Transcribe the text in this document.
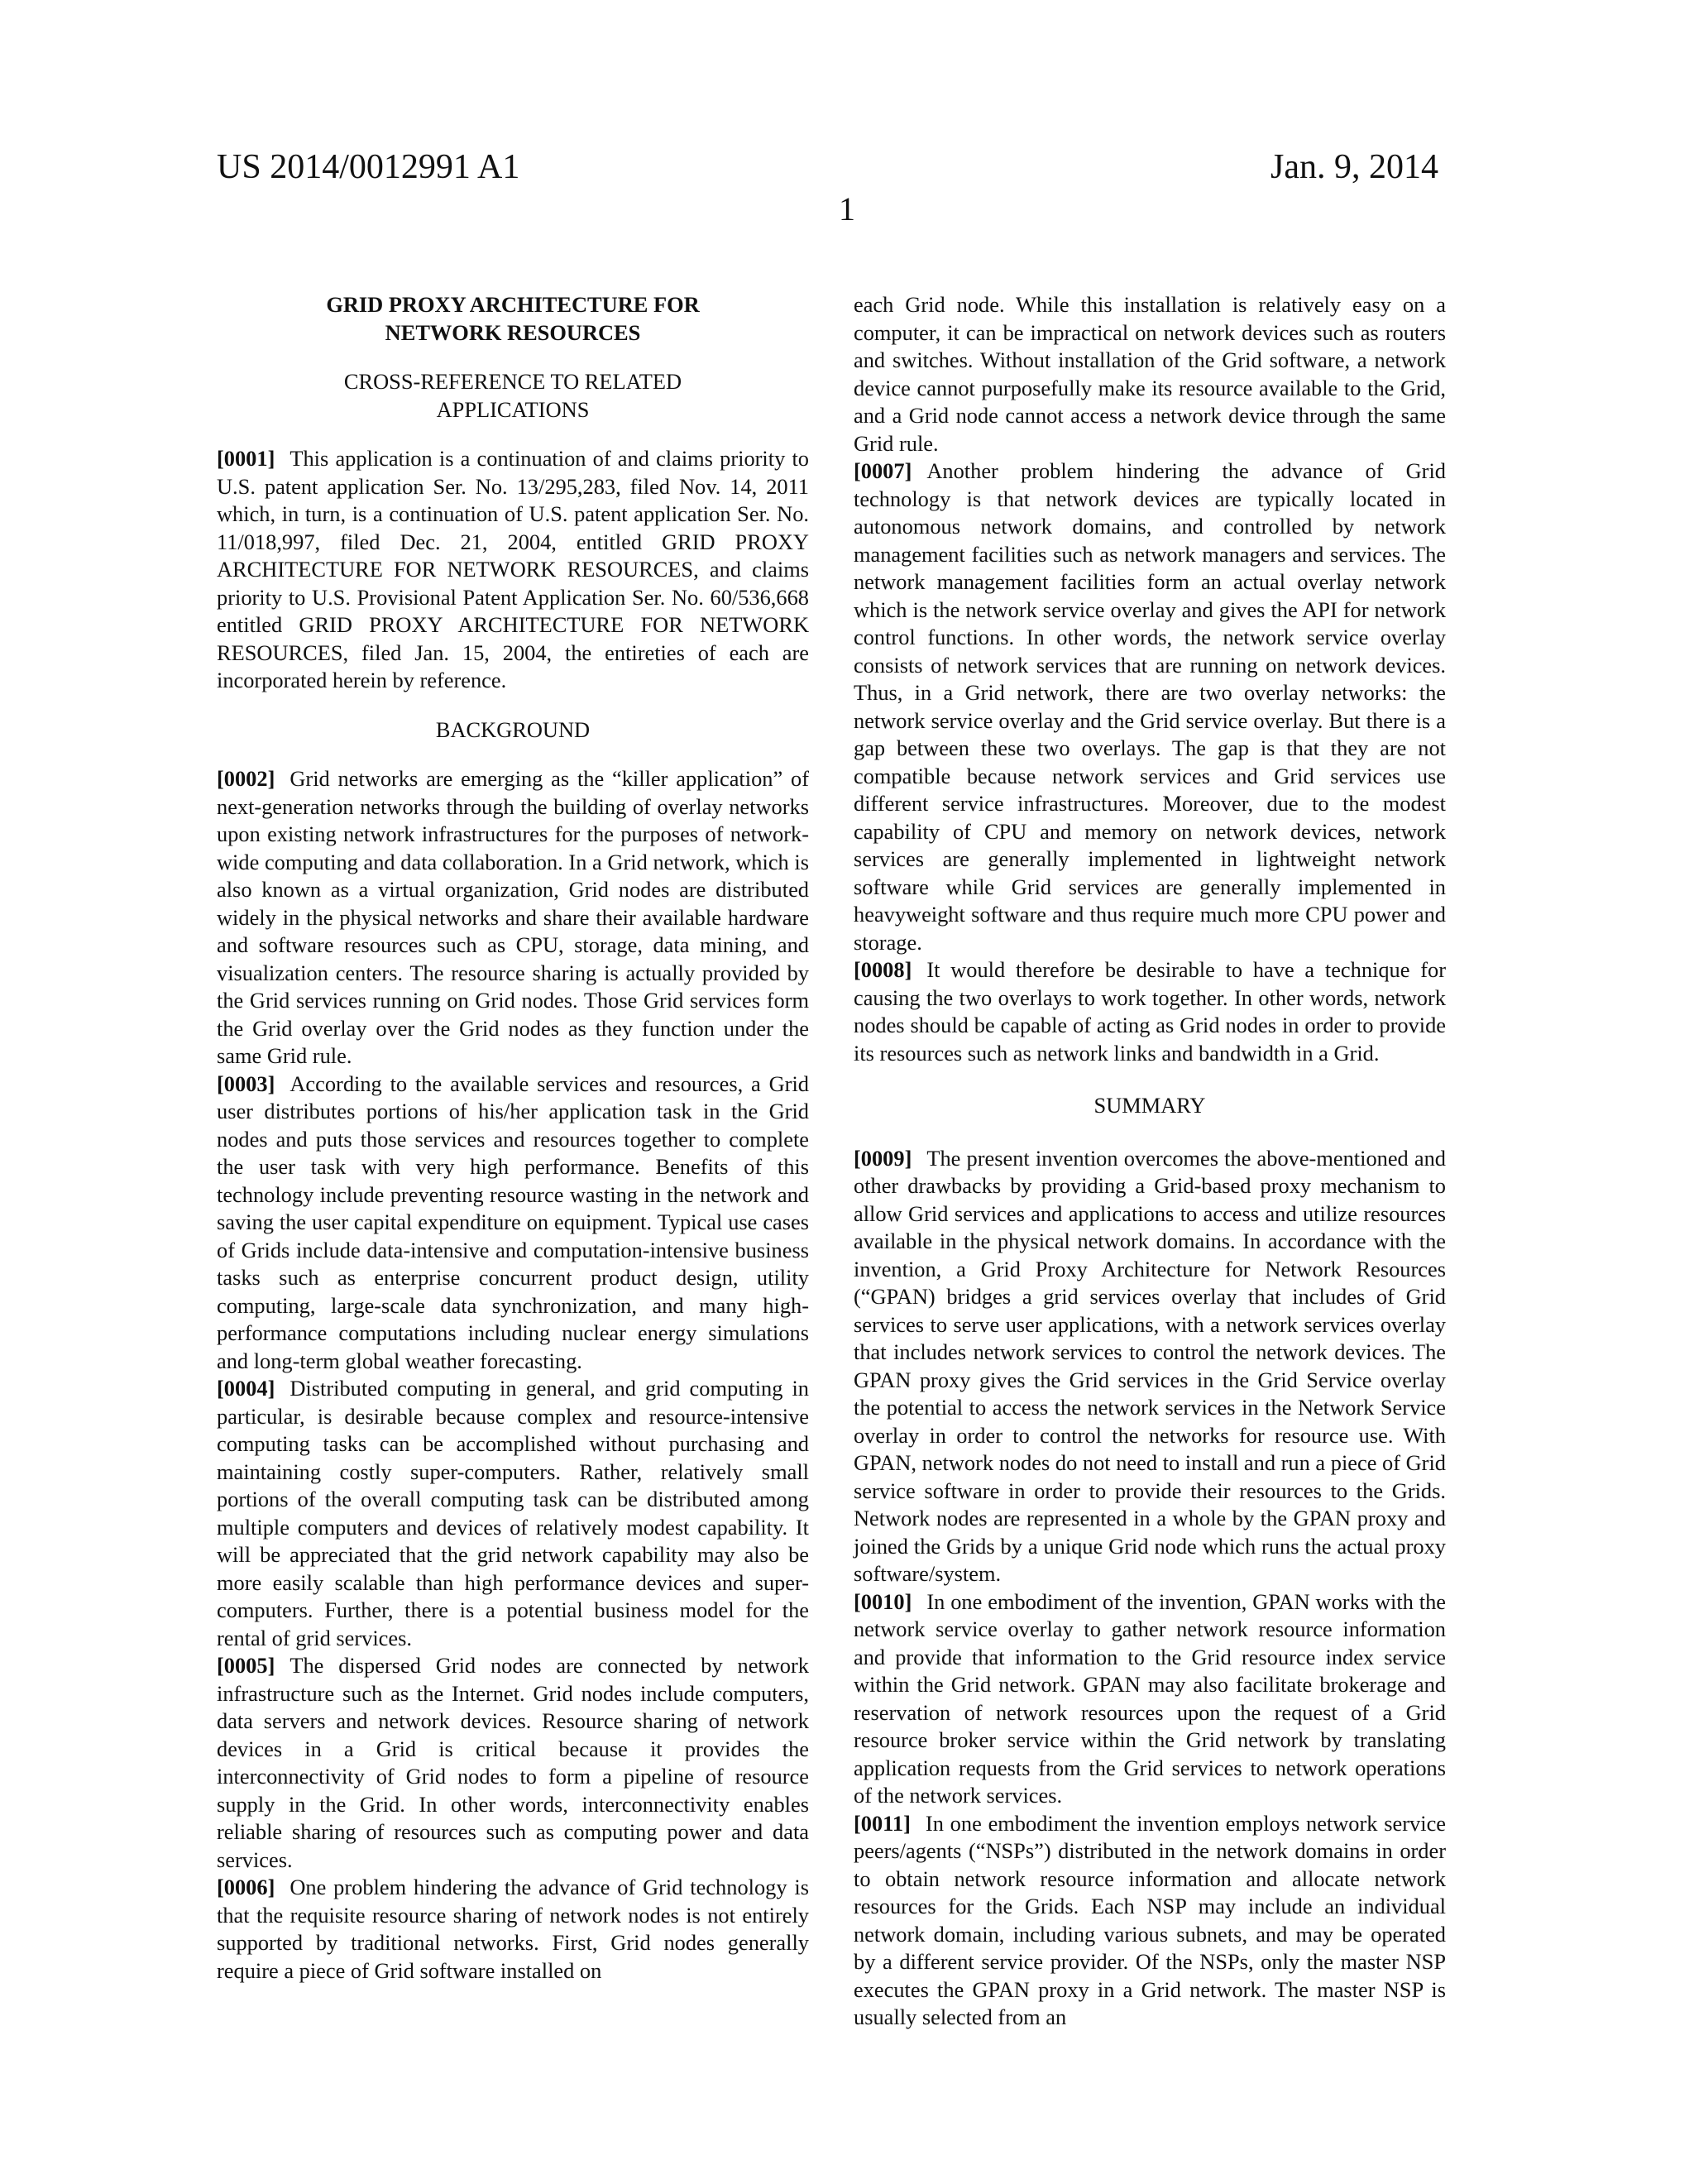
US 2014/0012991 A1	Jan. 9, 2014
1

GRID PROXY ARCHITECTURE FOR

NETWORK RESOURCES

CROSS-REFERENCE TO RELATED

APPLICATIONS

[0001] This application is a continuation of and claims priority to U.S. patent application Ser. No. 13/295,283, filed Nov. 14, 2011 which, in turn, is a continuation of U.S. patent application Ser. No. 11/018,997, filed Dec. 21, 2004, entitled GRID PROXY ARCHITECTURE FOR NETWORK RESOURCES, and claims priority to U.S. Provisional Patent Application Ser. No. 60/536,668 entitled GRID PROXY ARCHITECTURE FOR NETWORK RESOURCES, filed Jan. 15, 2004, the entireties of each are incorporated herein by reference.

BACKGROUND

[0002] Grid networks are emerging as the “killer application” of next-generation networks through the building of overlay networks upon existing network infrastructures for the purposes of network-wide computing and data collaboration. In a Grid network, which is also known as a virtual organization, Grid nodes are distributed widely in the physical networks and share their available hardware and software resources such as CPU, storage, data mining, and visualization centers. The resource sharing is actually provided by the Grid services running on Grid nodes. Those Grid services form the Grid overlay over the Grid nodes as they function under the same Grid rule.

[0003] According to the available services and resources, a Grid user distributes portions of his/her application task in the Grid nodes and puts those services and resources together to complete the user task with very high performance. Benefits of this technology include preventing resource wasting in the network and saving the user capital expenditure on equipment. Typical use cases of Grids include data-intensive and computation-intensive business tasks such as enterprise concurrent product design, utility computing, large-scale data synchronization, and many high-performance computations including nuclear energy simulations and long-term global weather forecasting.

[0004] Distributed computing in general, and grid computing in particular, is desirable because complex and resource-intensive computing tasks can be accomplished without purchasing and maintaining costly super-computers. Rather, relatively small portions of the overall computing task can be distributed among multiple computers and devices of relatively modest capability. It will be appreciated that the grid network capability may also be more easily scalable than high performance devices and super-computers. Further, there is a potential business model for the rental of grid services.

[0005] The dispersed Grid nodes are connected by network infrastructure such as the Internet. Grid nodes include computers, data servers and network devices. Resource sharing of network devices in a Grid is critical because it provides the interconnectivity of Grid nodes to form a pipeline of resource supply in the Grid. In other words, interconnectivity enables reliable sharing of resources such as computing power and data services.

[0006] One problem hindering the advance of Grid technology is that the requisite resource sharing of network nodes is not entirely supported by traditional networks. First, Grid nodes generally require a piece of Grid software installed on

each Grid node. While this installation is relatively easy on a computer, it can be impractical on network devices such as routers and switches. Without installation of the Grid software, a network device cannot purposefully make its resource available to the Grid, and a Grid node cannot access a network device through the same Grid rule.

[0007] Another problem hindering the advance of Grid technology is that network devices are typically located in autonomous network domains, and controlled by network management facilities such as network managers and services. The network management facilities form an actual overlay network which is the network service overlay and gives the API for network control functions. In other words, the network service overlay consists of network services that are running on network devices. Thus, in a Grid network, there are two overlay networks: the network service overlay and the Grid service overlay. But there is a gap between these two overlays. The gap is that they are not compatible because network services and Grid services use different service infrastructures. Moreover, due to the modest capability of CPU and memory on network devices, network services are generally implemented in lightweight network software while Grid services are generally implemented in heavyweight software and thus require much more CPU power and storage.

[0008] It would therefore be desirable to have a technique for causing the two overlays to work together. In other words, network nodes should be capable of acting as Grid nodes in order to provide its resources such as network links and bandwidth in a Grid.

SUMMARY

[0009] The present invention overcomes the above-mentioned and other drawbacks by providing a Grid-based proxy mechanism to allow Grid services and applications to access and utilize resources available in the physical network domains. In accordance with the invention, a Grid Proxy Architecture for Network Resources (“GPAN) bridges a grid services overlay that includes of Grid services to serve user applications, with a network services overlay that includes network services to control the network devices. The GPAN proxy gives the Grid services in the Grid Service overlay the potential to access the network services in the Network Service overlay in order to control the networks for resource use. With GPAN, network nodes do not need to install and run a piece of Grid service software in order to provide their resources to the Grids. Network nodes are represented in a whole by the GPAN proxy and joined the Grids by a unique Grid node which runs the actual proxy software/system.

[0010] In one embodiment of the invention, GPAN works with the network service overlay to gather network resource information and provide that information to the Grid resource index service within the Grid network. GPAN may also facilitate brokerage and reservation of network resources upon the request of a Grid resource broker service within the Grid network by translating application requests from the Grid services to network operations of the network services.

[0011] In one embodiment the invention employs network service peers/agents (“NSPs”) distributed in the network domains in order to obtain network resource information and allocate network resources for the Grids. Each NSP may include an individual network domain, including various subnets, and may be operated by a different service provider. Of the NSPs, only the master NSP executes the GPAN proxy in a Grid network. The master NSP is usually selected from an
